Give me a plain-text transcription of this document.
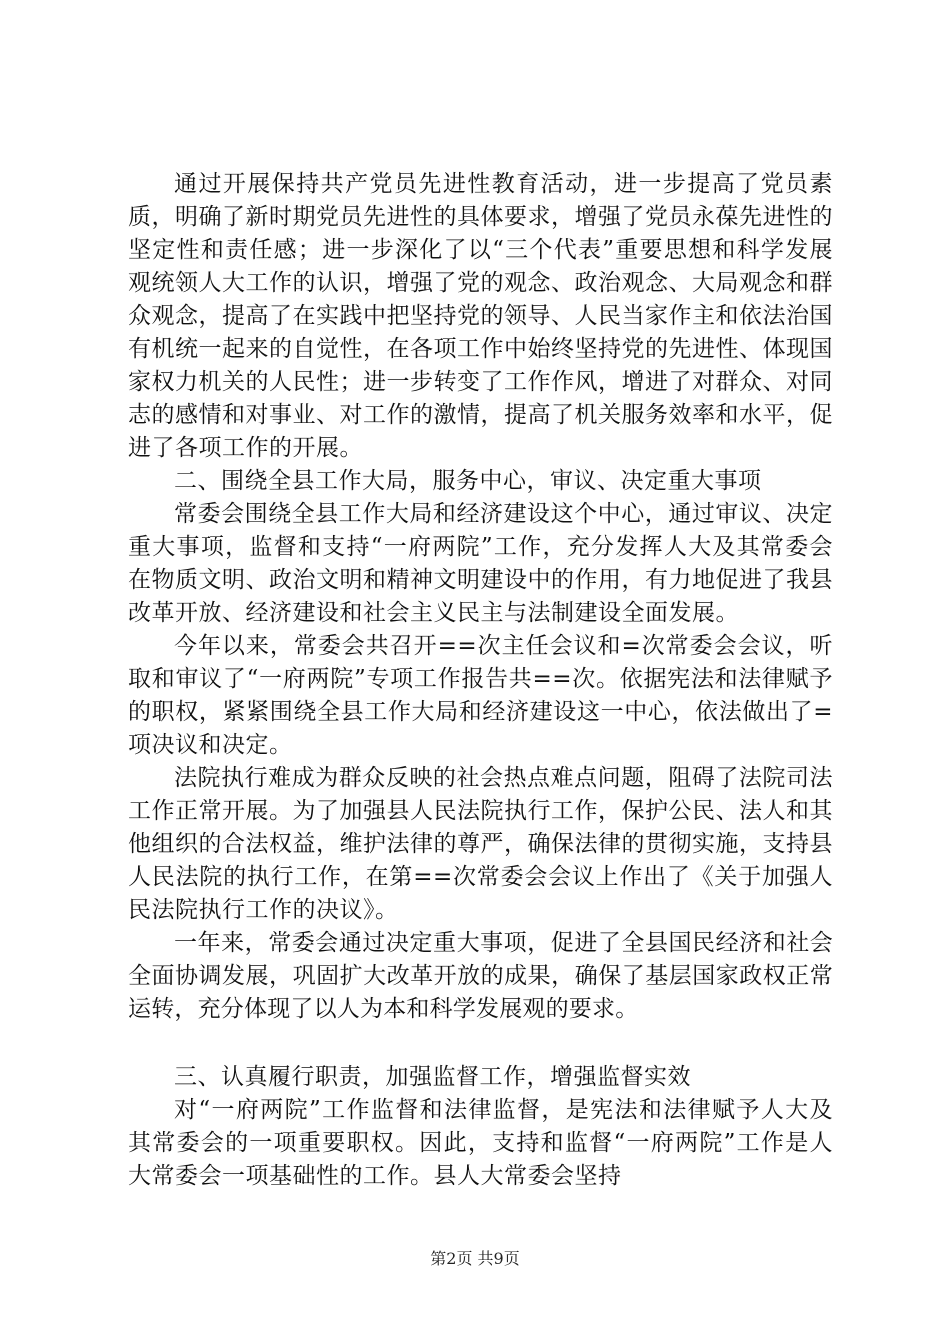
通过开展保持共产党员先进性教育活动，进一步提高了党员素质，明确了新时期党员先进性的具体要求，增强了党员永葆先进性的坚定性和责任感；进一步深化了以“三个代表”重要思想和科学发展观统领人大工作的认识，增强了党的观念、政治观念、大局观念和群众观念，提高了在实践中把坚持党的领导、人民当家作主和依法治国有机统一起来的自觉性，在各项工作中始终坚持党的先进性、体现国家权力机关的人民性；进一步转变了工作作风，增进了对群众、对同志的感情和对事业、对工作的激情，提高了机关服务效率和水平，促进了各项工作的开展。

二、围绕全县工作大局，服务中心，审议、决定重大事项

常委会围绕全县工作大局和经济建设这个中心，通过审议、决定重大事项，监督和支持“一府两院”工作，充分发挥人大及其常委会在物质文明、政治文明和精神文明建设中的作用，有力地促进了我县改革开放、经济建设和社会主义民主与法制建设全面发展。

今年以来，常委会共召开==次主任会议和=次常委会会议，听取和审议了“一府两院”专项工作报告共==次。依据宪法和法律赋予的职权，紧紧围绕全县工作大局和经济建设这一中心，依法做出了=项决议和决定。

法院执行难成为群众反映的社会热点难点问题，阻碍了法院司法工作正常开展。为了加强县人民法院执行工作，保护公民、法人和其他组织的合法权益，维护法律的尊严，确保法律的贯彻实施，支持县人民法院的执行工作，在第==次常委会会议上作出了《关于加强人民法院执行工作的决议》。

一年来，常委会通过决定重大事项，促进了全县国民经济和社会全面协调发展，巩固扩大改革开放的成果，确保了基层国家政权正常运转，充分体现了以人为本和科学发展观的要求。

三、认真履行职责，加强监督工作，增强监督实效

对“一府两院”工作监督和法律监督，是宪法和法律赋予人大及其常委会的一项重要职权。因此，支持和监督“一府两院”工作是人大常委会一项基础性的工作。县人大常委会坚持

第2页 共9页
